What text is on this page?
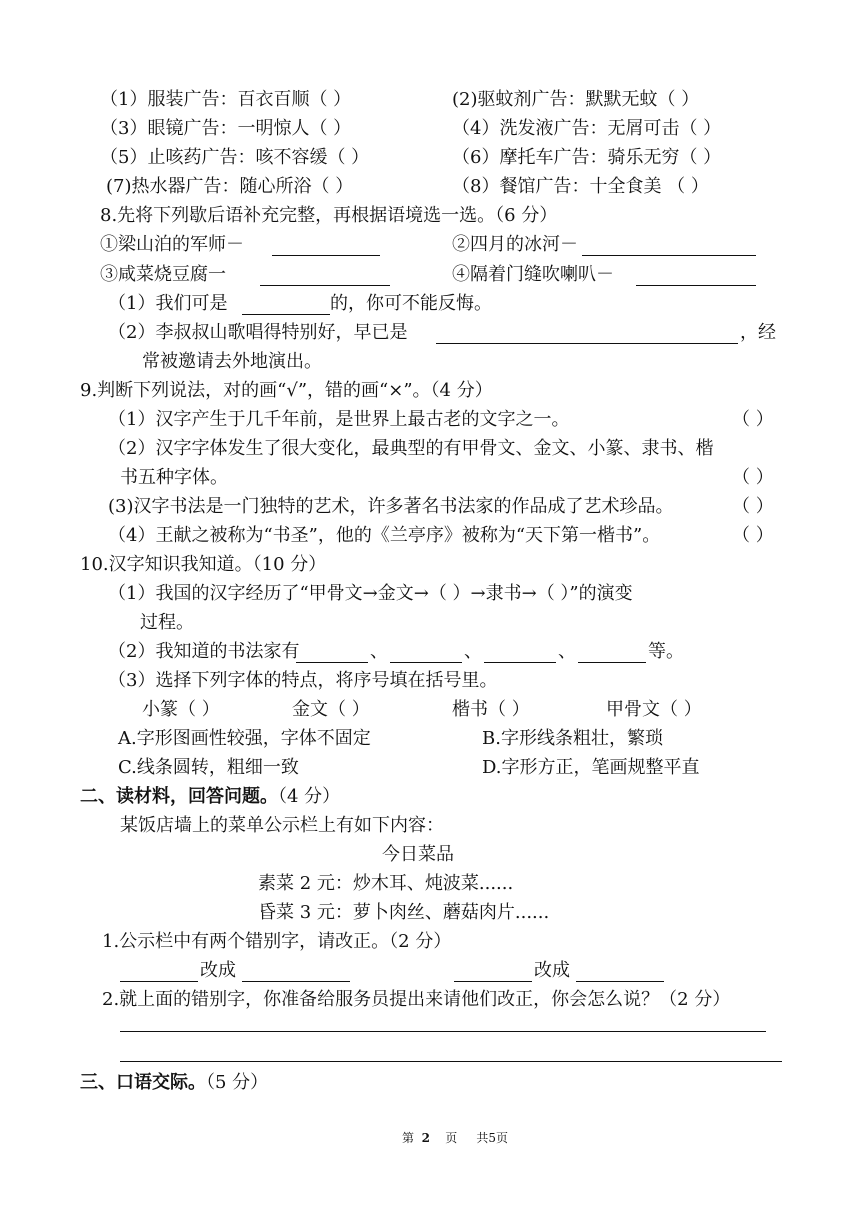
（1）服装广告：百衣百顺（ ）	(2)驱蚊剂广告：默默无蚊（ ）
（3）眼镜广告：一明惊人（ ）	（4）洗发液广告：无屑可击（ ）
（5）止咳药广告：咳不容缓（ ）	（6）摩托车广告：骑乐无穷（ ）
(7)热水器广告：随心所浴（ ）	（8）餐馆广告：十全食美 （ ）
8.先将下列歇后语补充完整，再根据语境选一选。（6 分）
①梁山泊的军师－	②四月的冰河－
③咸菜烧豆腐一	④隔着门缝吹喇叭－
（1）我们可是	的，你可不能反悔。
（2）李叔叔山歌唱得特别好，早已是	，经
常被邀请去外地演出。
9.判断下列说法，对的画“√”，错的画“×”。（4 分）
（1）汉字产生于几千年前，是世界上最古老的文字之一。	（ ）
（2）汉字字体发生了很大变化，最典型的有甲骨文、金文、小篆、隶书、楷
书五种字体。	（ ）
(3)汉字书法是一门独特的艺术，许多著名书法家的作品成了艺术珍品。	（ ）
（4）王献之被称为“书圣”，他的《兰亭序》被称为“天下第一楷书”。	（ ）
10.汉字知识我知道。（10 分）
（1）我国的汉字经历了“甲骨文→金文→（ ）→隶书→（ ）”的演变
过程。
（2）我知道的书法家有	、	、	、	等。
（3）选择下列字体的特点，将序号填在括号里。
小篆（ ）	金文（ ）	楷书（ ）	甲骨文（ ）
A.字形图画性较强，字体不固定	B.字形线条粗壮，繁琐
C.线条圆转，粗细一致	D.字形方正，笔画规整平直
二、读材料，回答问题。（4 分）
某饭店墙上的菜单公示栏上有如下内容：
今日菜品
素菜 2 元：炒木耳、炖波菜......
昏菜 3 元：萝卜肉丝、蘑菇肉片......
1.公示栏中有两个错别字，请改正。（2 分）
改成	改成
2.就上面的错别字，你准备给服务员提出来请他们改正，你会怎么说？（2 分）
三、口语交际。（5 分）
第 2 页 共5页
